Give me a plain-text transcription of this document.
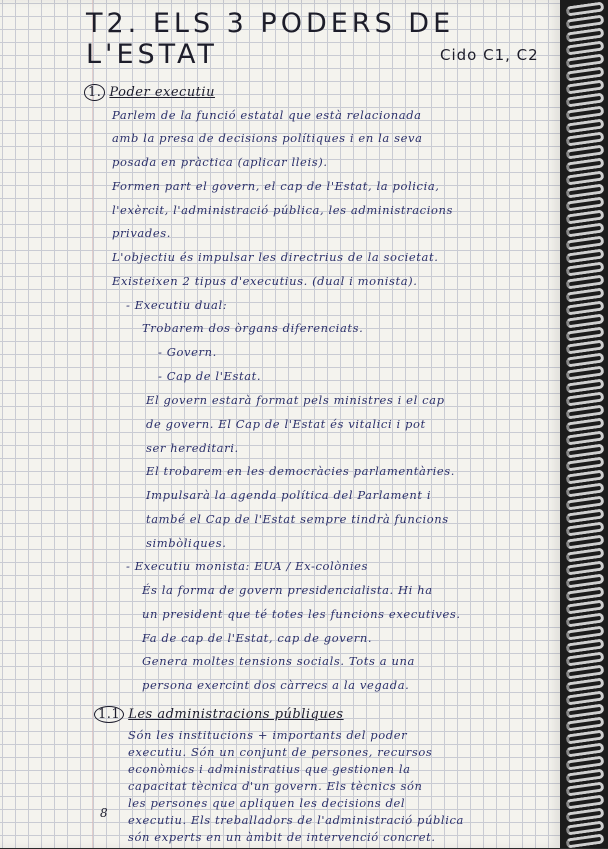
T2. ELS 3 PODERS DE L'ESTAT	Cido C1, C2
1. Poder executiu
Parlem de la funció estatal que està relacionada
amb la presa de decisions polítiques i en la seva
posada en pràctica (aplicar lleis).
Formen part el govern, el cap de l'Estat, la policia,
l'exèrcit, l'administració pública, les administracions
privades.
L'objectiu és impulsar les directrius de la societat.
Existeixen 2 tipus d'executius. (dual i monista).
- Executiu dual:
Trobarem dos òrgans diferenciats.
- Govern.
- Cap de l'Estat.
El govern estarà format pels ministres i el cap
de govern. El Cap de l'Estat és vitalici i pot
ser hereditari.
El trobarem en les democràcies parlamentàries.
Impulsarà la agenda política del Parlament i
també el Cap de l'Estat sempre tindrà funcions
simbòliques.
- Executiu monista: EUA / Ex-colònies
És la forma de govern presidencialista. Hi ha
un president que té totes les funcions executives.
Fa de cap de l'Estat, cap de govern.
Genera moltes tensions socials. Tots a una
persona exercint dos càrrecs a la vegada.
1.1 Les administracions públiques
Són les institucions + importants del poder
executiu. Són un conjunt de persones, recursos
econòmics i administratius que gestionen la
capacitat tècnica d'un govern. Els tècnics són
les persones que apliquen les decisions del
executiu. Els treballadors de l'administració pública
són experts en un àmbit de intervenció concret.
8
